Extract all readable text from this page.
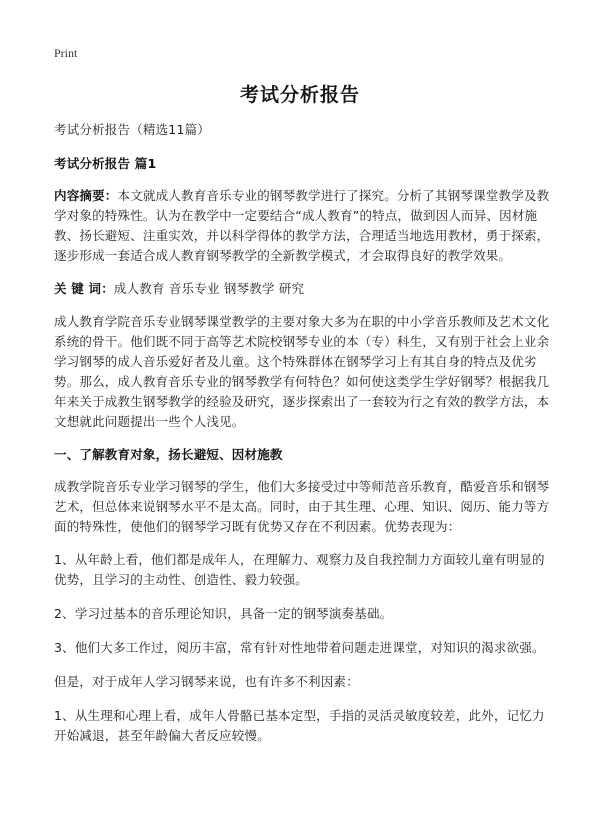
Print
考试分析报告
考试分析报告（精选11篇）
考试分析报告 篇1
内容摘要：本文就成人教育音乐专业的钢琴教学进行了探究。分析了其钢琴课堂教学及教学对象的特殊性。认为在教学中一定要结合“成人教育”的特点，做到因人而异、因材施教、扬长避短、注重实效，并以科学得体的教学方法，合理适当地选用教材，勇于探索，逐步形成一套适合成人教育钢琴教学的全新教学模式，才会取得良好的教学效果。
关 键 词：成人教育 音乐专业 钢琴教学 研究
成人教育学院音乐专业钢琴课堂教学的主要对象大多为在职的中小学音乐教师及艺术文化系统的骨干。他们既不同于高等艺术院校钢琴专业的本（专）科生，又有别于社会上业余学习钢琴的成人音乐爱好者及儿童。这个特殊群体在钢琴学习上有其自身的特点及优劣势。那么，成人教育音乐专业的钢琴教学有何特色？如何使这类学生学好钢琴？根据我几年来关于成教生钢琴教学的经验及研究，逐步探索出了一套较为行之有效的教学方法，本文想就此问题提出一些个人浅见。
一、了解教育对象，扬长避短、因材施教
成教学院音乐专业学习钢琴的学生，他们大多接受过中等师范音乐教育，酷爱音乐和钢琴艺术，但总体来说钢琴水平不是太高。同时，由于其生理、心理、知识、阅历、能力等方面的特殊性，使他们的钢琴学习既有优势又存在不利因素。优势表现为：
1、从年龄上看，他们都是成年人，在理解力、观察力及自我控制力方面较儿童有明显的优势，且学习的主动性、创造性、毅力较强。
2、学习过基本的音乐理论知识，具备一定的钢琴演奏基础。
3、他们大多工作过，阅历丰富，常有针对性地带着问题走进课堂，对知识的渴求欲强。
但是，对于成年人学习钢琴来说，也有许多不利因素：
1、从生理和心理上看，成年人骨骼已基本定型，手指的灵活灵敏度较差，此外，记忆力开始减退，甚至年龄偏大者反应较慢。
